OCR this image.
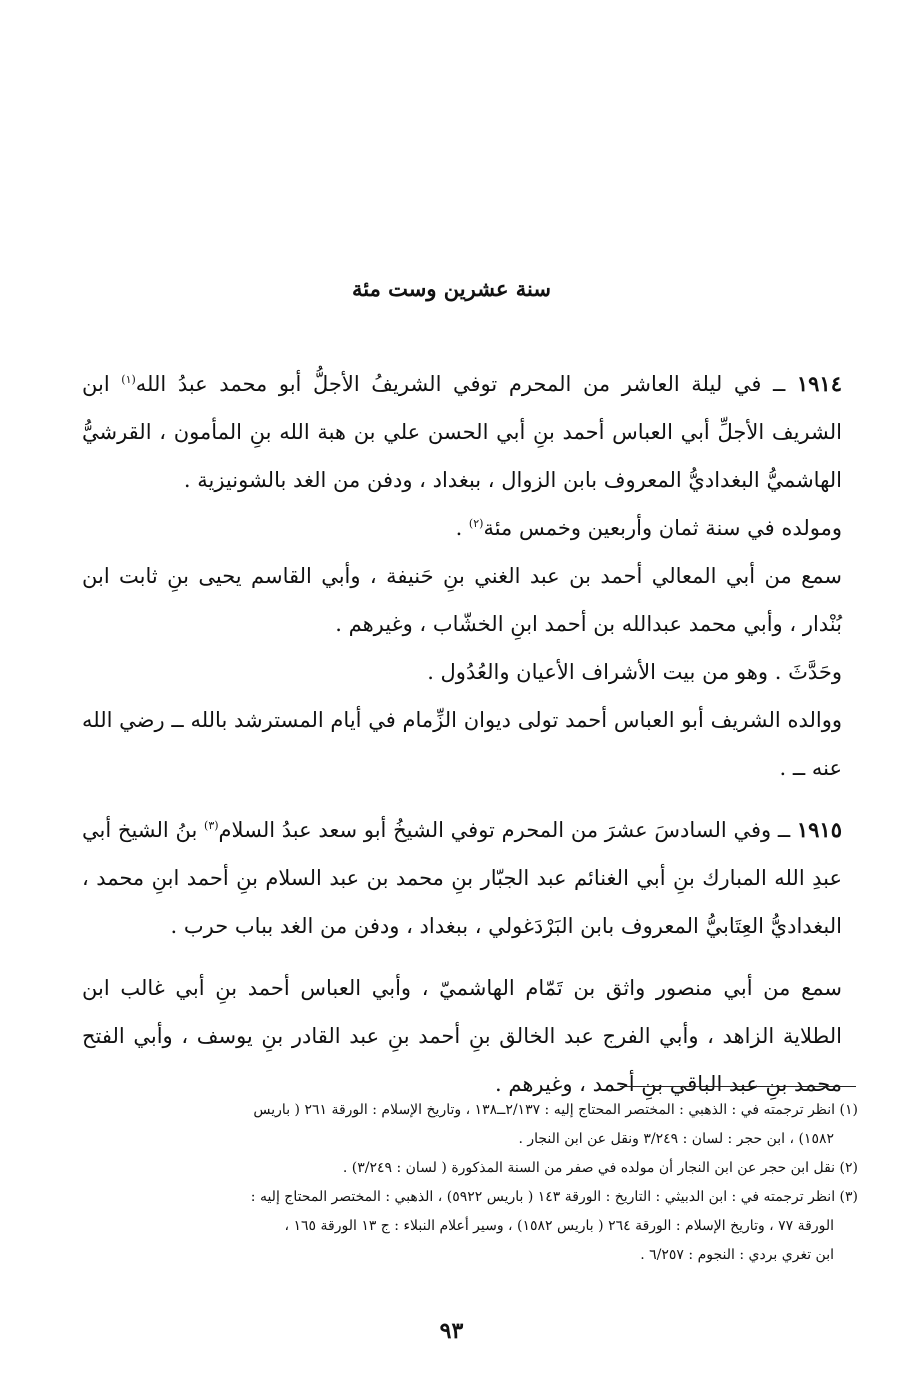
سنة عشرين وست مئة

١٩١٤ ــ في ليلة العاشر من المحرم توفي الشريفُ الأجلُّ أبو محمد عبدُ الله$^{(١)}$ ابن الشريف الأجلِّ أبي العباس أحمد بنِ أبي الحسن علي بن هبة الله بنِ المأمون ، القرشيُّ الهاشميُّ البغداديُّ المعروف بابن الزوال ، ببغداد ، ودفن من الغد بالشونيزية .

ومولده في سنة ثمان وأربعين وخمس مئة$^{(٢)}$ .

سمع من أبي المعالي أحمد بن عبد الغني بنِ حَنيفة ، وأبي القاسم يحيى بنِ ثابت ابن بُنْدار ، وأبي محمد عبدالله بن أحمد ابنِ الخشّاب ، وغيرهم .

وحَدَّثَ . وهو من بيت الأشراف الأعيان والعُدُول .

ووالده الشريف أبو العباس أحمد تولى ديوان الزِّمام في أيام المسترشد بالله ــ رضي الله عنه ــ .

١٩١٥ ــ وفي السادسَ عشرَ من المحرم توفي الشيخُ أبو سعد عبدُ السلام$^{(٣)}$ بنُ الشيخ أبي عبدِ الله المبارك بنِ أبي الغنائم عبد الجبّار بنِ محمد بن عبد السلام بنِ أحمد ابنِ محمد ، البغداديُّ العِتَابيُّ المعروف بابن البَرْدَغولي ، ببغداد ، ودفن من الغد بباب حرب .

سمع من أبي منصور واثق بن تَمّام الهاشميّ ، وأبي العباس أحمد بنِ أبي غالب ابن الطلاية الزاهد ، وأبي الفرج عبد الخالق بنِ أحمد بنِ عبد القادر بنِ يوسف ، وأبي الفتح محمد بنِ عبد الباقي بنِ أحمد ، وغيرهم .

(١) انظر ترجمته في : الذهبي : المختصر المحتاج إليه : ٢/١٣٧ــ١٣٨ ، وتاريخ الإسلام : الورقة ٢٦١ ( باريس

١٥٨٢) ، ابن حجر : لسان : ٣/٢٤٩ ونقل عن ابن النجار .

(٢) نقل ابن حجر عن ابن النجار أن مولده في صفر من السنة المذكورة ( لسان : ٣/٢٤٩) .

(٣) انظر ترجمته في : ابن الدبيثي : التاريخ : الورقة ١٤٣ ( باريس ٥٩٢٢) ، الذهبي : المختصر المحتاج إليه :

الورقة ٧٧ ، وتاريخ الإسلام : الورقة ٢٦٤ ( باريس ١٥٨٢) ، وسير أعلام النبلاء : ج ١٣ الورقة ١٦٥ ،

ابن تغري بردي : النجوم : ٦/٢٥٧ .

٩٣
